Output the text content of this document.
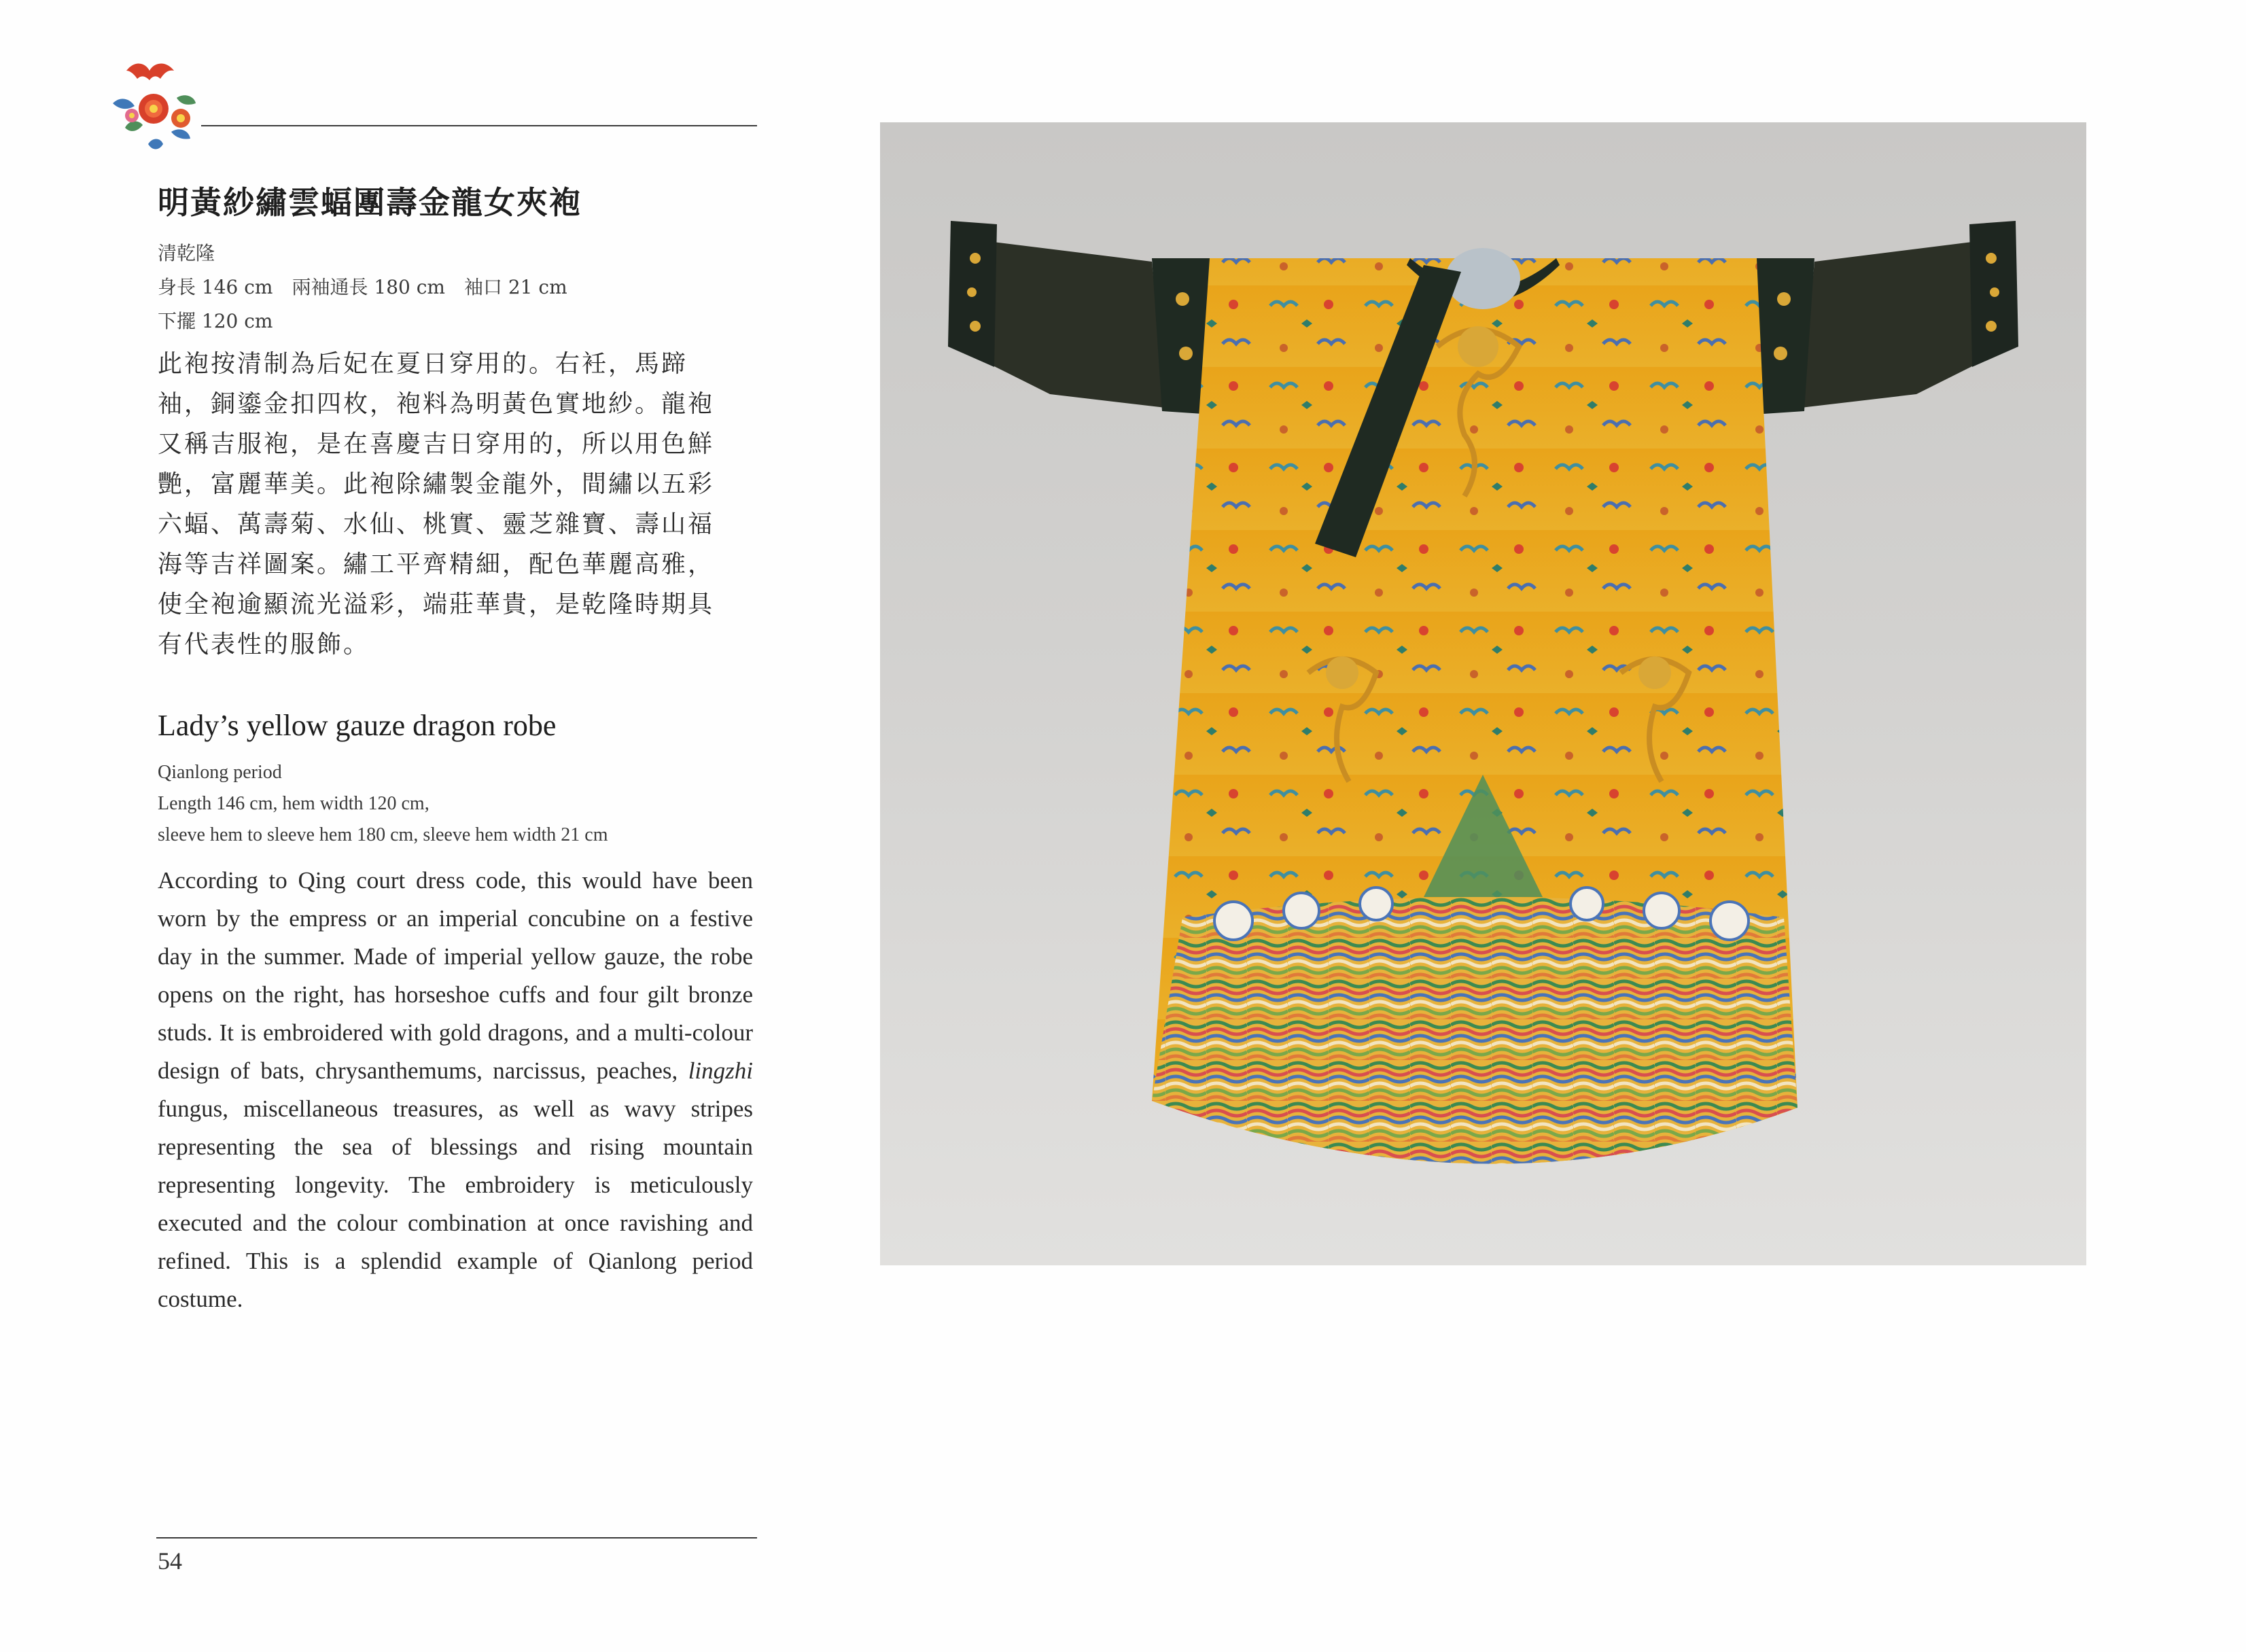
明黃紗繡雲蝠團壽金龍女夾袍
清乾隆
身長 146 cm　兩袖通長 180 cm　袖口 21 cm
下擺 120 cm
此袍按清制為后妃在夏日穿用的。右衽，馬蹄
袖，銅鎏金扣四枚，袍料為明黃色實地紗。龍袍
又稱吉服袍，是在喜慶吉日穿用的，所以用色鮮
艷，富麗華美。此袍除繡製金龍外，間繡以五彩
六蝠、萬壽菊、水仙、桃實、靈芝雜寶、壽山福
海等吉祥圖案。繡工平齊精細，配色華麗高雅，
使全袍逾顯流光溢彩，端莊華貴，是乾隆時期具
有代表性的服飾。
Lady’s yellow gauze dragon robe
Qianlong period
Length 146 cm, hem width 120 cm,
sleeve hem to sleeve hem 180 cm, sleeve hem width 21 cm
According to Qing court dress code, this would have been worn by the empress or an imperial concubine on a festive day in the summer. Made of imperial yellow gauze, the robe opens on the right, has horseshoe cuffs and four gilt bronze studs. It is embroidered with gold dragons, and a multi-colour design of bats, chrysanthemums, narcissus, peaches, lingzhi fungus, miscellaneous treasures, as well as wavy stripes representing the sea of blessings and rising mountain representing longevity. The embroidery is meticulously executed and the colour combination at once ravishing and refined. This is a splendid example of Qianlong period costume.
54
